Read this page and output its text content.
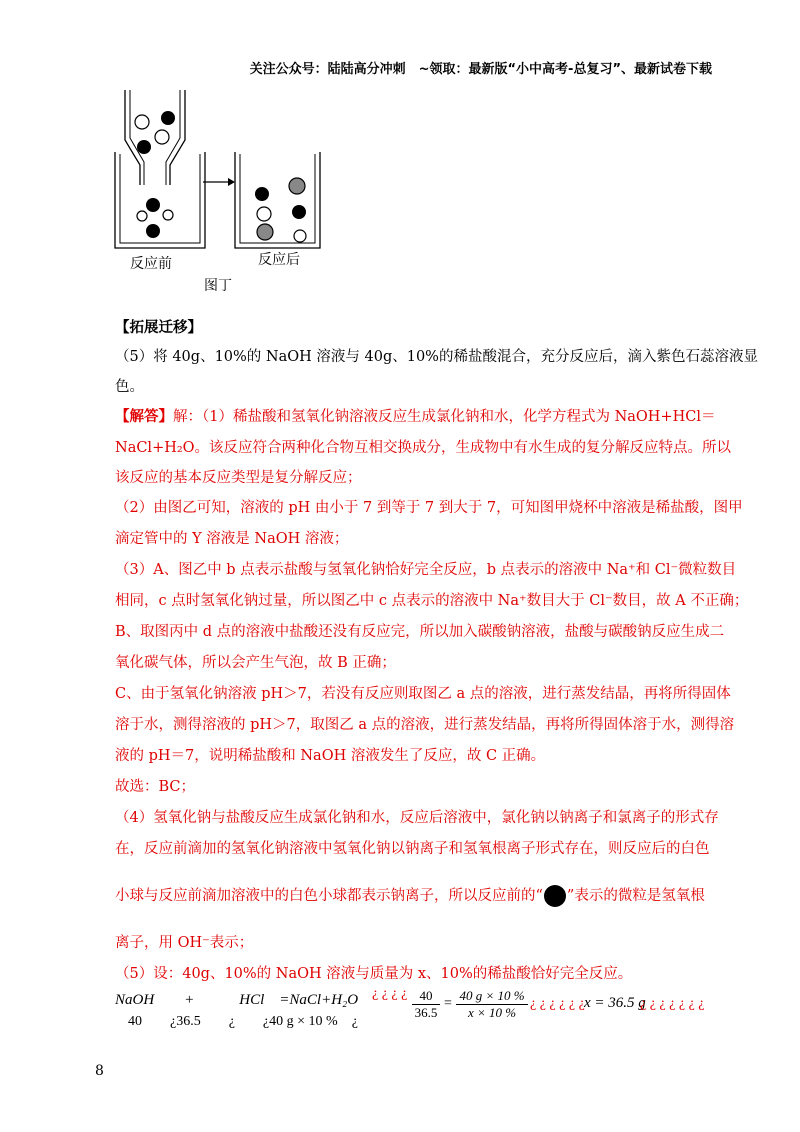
关注公众号：陆陆高分冲刺　~领取：最新版“小中高考-总复习”、最新试卷下载
反应前	反应后
图丁
【拓展迁移】
（5）将 40g、10%的 NaOH 溶液与 40g、10%的稀盐酸混合，充分反应后，滴入紫色石蕊溶液显
色。
【解答】解：（1）稀盐酸和氢氧化钠溶液反应生成氯化钠和水，化学方程式为 NaOH+HCl＝
NaCl+H₂O。该反应符合两种化合物互相交换成分，生成物中有水生成的复分解反应特点。所以
该反应的基本反应类型是复分解反应；
（2）由图乙可知，溶液的 pH 由小于 7 到等于 7 到大于 7，可知图甲烧杯中溶液是稀盐酸，图甲
滴定管中的 Y 溶液是 NaOH 溶液；
（3）A、图乙中 b 点表示盐酸与氢氧化钠恰好完全反应，b 点表示的溶液中 Na⁺和 Cl⁻微粒数目
相同，c 点时氢氧化钠过量，所以图乙中 c 点表示的溶液中 Na⁺数目大于 Cl⁻数目，故 A 不正确；
B、取图丙中 d 点的溶液中盐酸还没有反应完，所以加入碳酸钠溶液，盐酸与碳酸钠反应生成二
氧化碳气体，所以会产生气泡，故 B 正确；
C、由于氢氧化钠溶液 pH＞7，若没有反应则取图乙 a 点的溶液，进行蒸发结晶，再将所得固体
溶于水，测得溶液的 pH＞7，取图乙 a 点的溶液，进行蒸发结晶，再将所得固体溶于水，测得溶
液的 pH＝7，说明稀盐酸和 NaOH 溶液发生了反应，故 C 正确。
故选：BC；
（4）氢氧化钠与盐酸反应生成氯化钠和水，反应后溶液中，氯化钠以钠离子和氯离子的形式存
在，反应前滴加的氢氧化钠溶液中氢氧化钠以钠离子和氢氧根离子形式存在，则反应后的白色
小球与反应前滴加溶液中的白色小球都表示钠离子，所以反应前的“ ”表示的微粒是氢氧根
离子，用 OH⁻表示；
（5）设：40g、10%的 NaOH 溶液与质量为 x、10%的稀盐酸恰好完全反应。
NaOH　　+　　　HCl　=NaCl+H₂O ¿ ¿ ¿ ¿ $\frac{40}{36.5} = \frac{40 g \times 10 \%}{x \times 10 \%}$ ¿ ¿ ¿ ¿ ¿ ¿ x = 36.5 g
¿ ¿ ¿ ¿ ¿ ¿ ¿
40　　¿36.5　　¿　　¿40 g × 10 %　¿
8
